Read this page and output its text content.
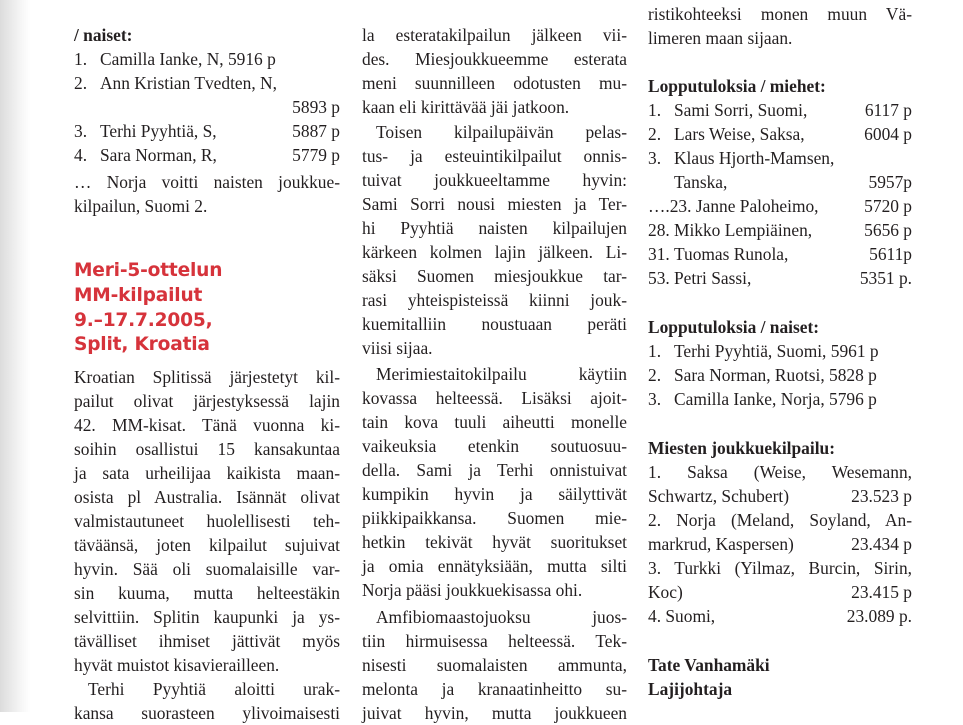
/ naiset:
1. Camilla Ianke, N, 5916 p
2. Ann Kristian Tvedten, N,
5893 p
3. Terhi Pyyhtiä, S,	5887 p
4. Sara Norman, R,	5779 p
… Norja voitti naisten joukkue-
kilpailun, Suomi 2.
Meri-5-ottelun
MM-kilpailut
9.–17.7.2005,
Split, Kroatia
Kroatian Splitissä järjestetyt kil-
pailut olivat järjestyksessä lajin
42. MM-kisat. Tänä vuonna ki-
soihin osallistui 15 kansakuntaa
ja sata urheilijaa kaikista maan-
osista pl Australia. Isännät olivat
valmistautuneet huolellisesti teh-
täväänsä, joten kilpailut sujuivat
hyvin. Sää oli suomalaisille var-
sin kuuma, mutta helteestäkin
selvittiin. Splitin kaupunki ja ys-
tävälliset ihmiset jättivät myös
hyvät muistot kisavierailleen.
Terhi Pyyhtiä aloitti urak-
kansa suorasteen ylivoimaisesti
la esteratakilpailun jälkeen vii-
des. Miesjoukkueemme esterata
meni suunnilleen odotusten mu-
kaan eli kirittävää jäi jatkoon.
Toisen kilpailupäivän pelas-
tus- ja esteuintikilpailut onnis-
tuivat joukkueeltamme hyvin:
Sami Sorri nousi miesten ja Ter-
hi Pyyhtiä naisten kilpailujen
kärkeen kolmen lajin jälkeen. Li-
säksi Suomen miesjoukkue tar-
rasi yhteispisteissä kiinni jouk-
kuemitalliin noustuaan peräti
viisi sijaa.
Merimiestaitokilpailu käytiin
kovassa helteessä. Lisäksi ajoit-
tain kova tuuli aiheutti monelle
vaikeuksia etenkin soutuosuu-
della. Sami ja Terhi onnistuivat
kumpikin hyvin ja säilyttivät
piikkipaikkansa. Suomen mie-
hetkin tekivät hyvät suoritukset
ja omia ennätyksiään, mutta silti
Norja pääsi joukkuekisassa ohi.
Amfibiomaastojuoksu juos-
tiin hirmuisessa helteessä. Tek-
nisesti suomalaisten ammunta,
melonta ja kranaatinheitto su-
juivat hyvin, mutta joukkueen
ristikohteeksi monen muun Vä-
limeren maan sijaan.
Lopputuloksia / miehet:
1. Sami Sorri, Suomi,	6117 p
2. Lars Weise, Saksa,	6004 p
3. Klaus Hjorth-Mamsen,
Tanska,	5957p
….23. Janne Paloheimo,	5720 p
28. Mikko Lempiäinen,	5656 p
31. Tuomas Runola,	5611p
53. Petri Sassi,	5351 p.
Lopputuloksia / naiset:
1. Terhi Pyyhtiä, Suomi, 5961 p
2. Sara Norman, Ruotsi, 5828 p
3. Camilla Ianke, Norja, 5796 p
Miesten joukkuekilpailu:
1. Saksa (Weise, Wesemann,
Schwartz, Schubert)	23.523 p
2. Norja (Meland, Soyland, An-
markrud, Kaspersen)	23.434 p
3. Turkki (Yilmaz, Burcin, Sirin,
Koc)	23.415 p
4. Suomi,	23.089 p.
Tate Vanhamäki
Lajijohtaja
